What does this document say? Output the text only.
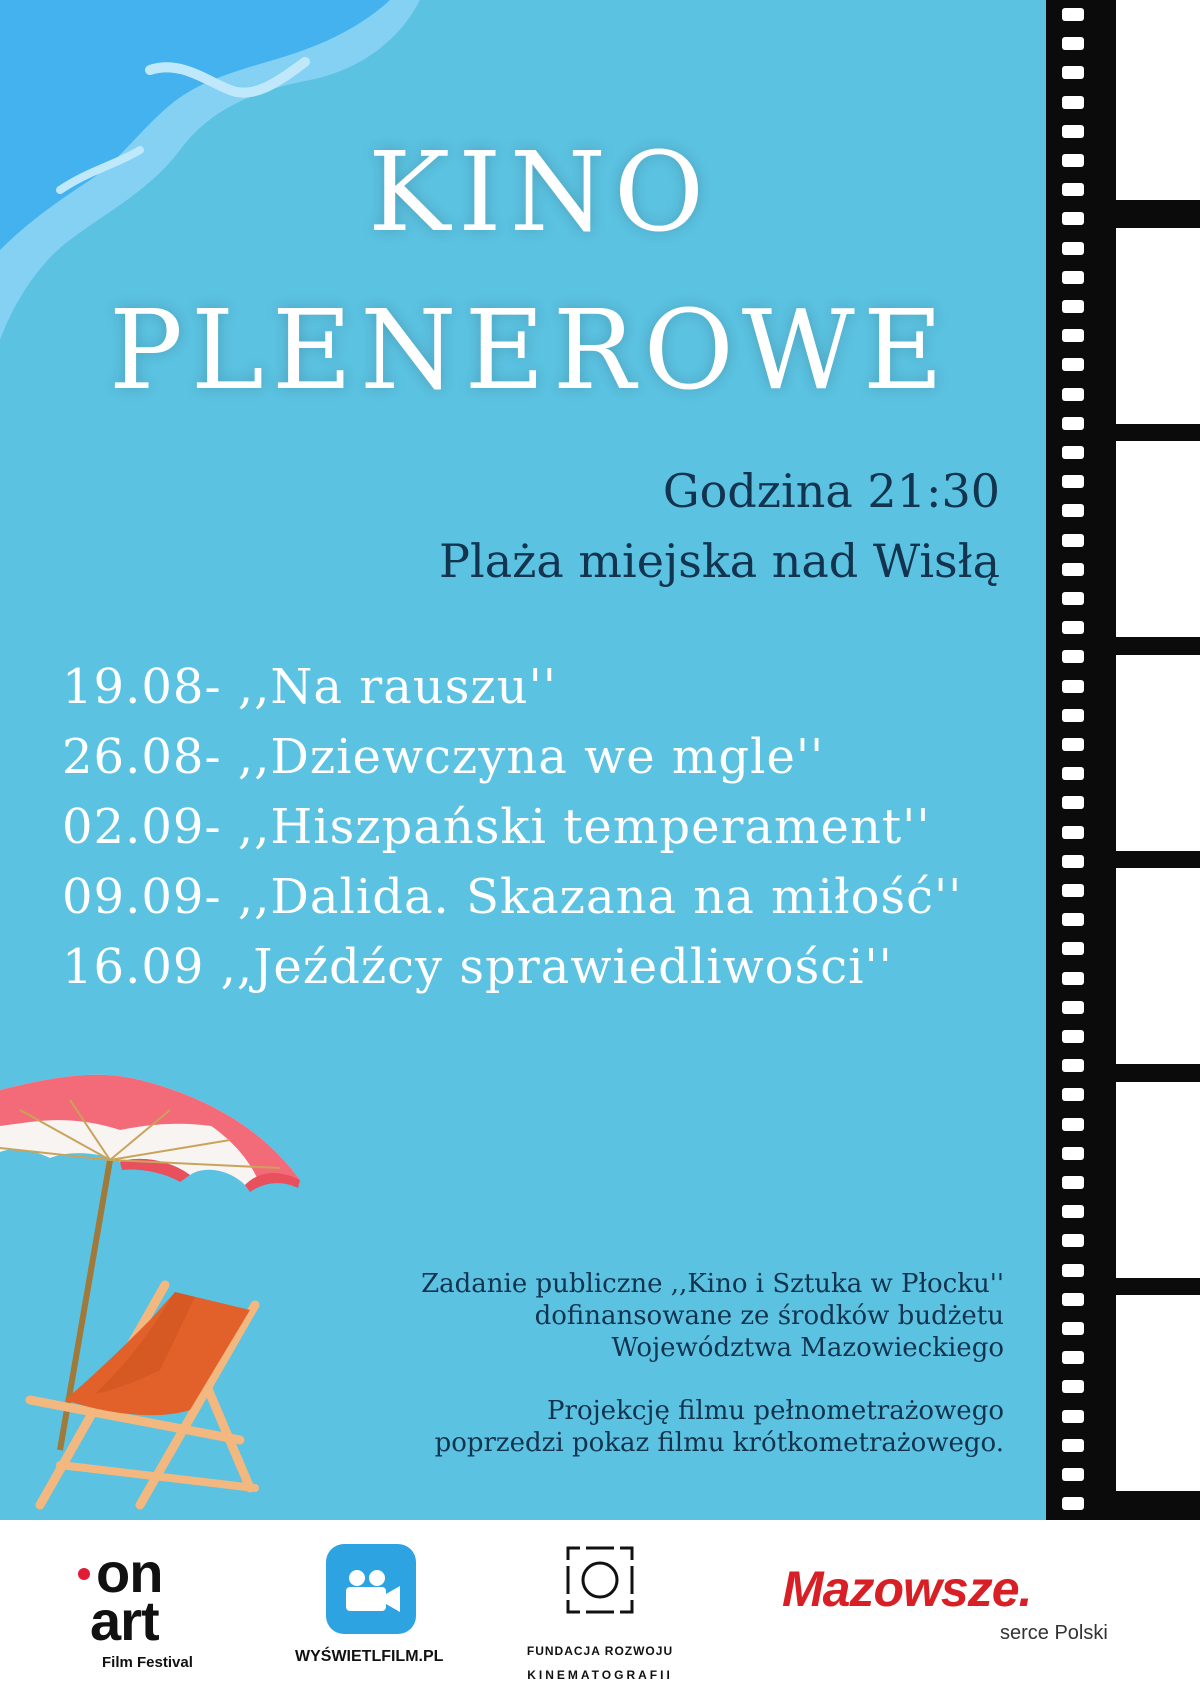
KINO
PLENEROWE

Godzina 21:30

Plaża miejska nad Wisłą

19.08- ,,Na rauszu''
26.08- ,,Dziewczyna we mgle''
02.09- ,,Hiszpański temperament''
09.09- ,,Dalida. Skazana na miłość''
16.09 ,,Jeźdźcy sprawiedliwości''

Zadanie publiczne ,,Kino i Sztuka w Płocku''
dofinansowane ze środków budżetu
Województwa Mazowieckiego

Projekcję filmu pełnometrażowego
poprzedzi pokaz filmu krótkometrażowego.

on
art
Film Festival	WYŚWIETLFILM.PL	FUNDACJA ROZWOJU
KINEMATOGRAFII
Mazowsze.
serce Polski
